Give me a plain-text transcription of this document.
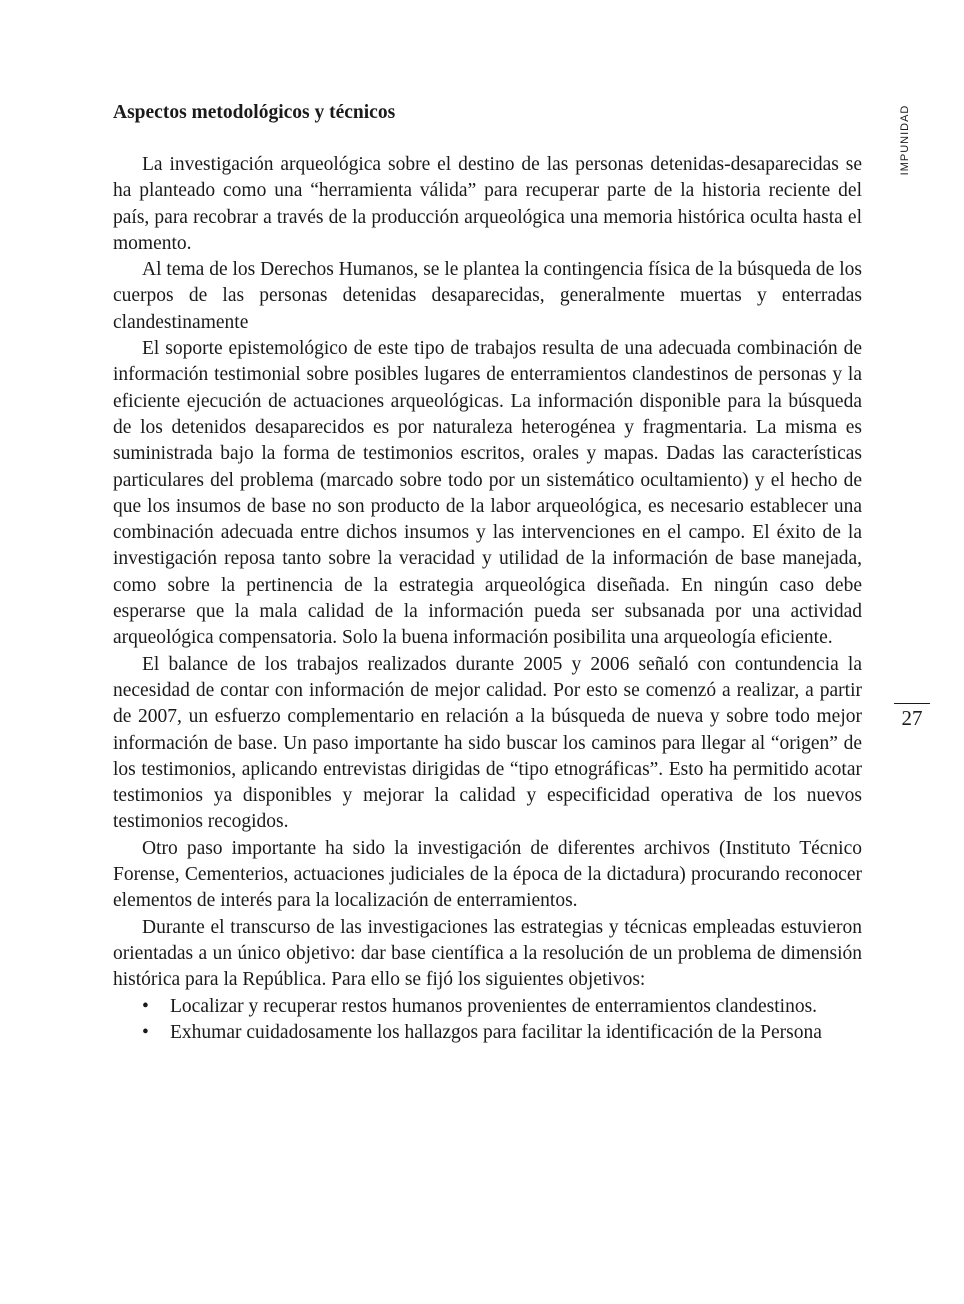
IMPUNIDAD
27
Aspectos metodológicos y técnicos

La investigación arqueológica sobre el destino de las personas detenidas-desaparecidas se ha planteado como una “herramienta válida” para recuperar parte de la historia reciente del país, para recobrar a través de la producción arqueológica una memoria histórica oculta hasta el momento.

Al tema de los Derechos Humanos, se le plantea la contingencia física de la búsqueda de los cuerpos de las personas detenidas desaparecidas, generalmente muertas y enterradas clandestinamente

El soporte epistemológico de este tipo de trabajos resulta de una adecuada combinación de información testimonial sobre posibles lugares de enterramientos clandestinos de personas y la eficiente ejecución de actuaciones arqueológicas. La información disponible para la búsqueda de los detenidos desaparecidos es por naturaleza heterogénea y fragmentaria. La misma es suministrada bajo la forma de testimonios escritos, orales y mapas. Dadas las características particulares del problema (marcado sobre todo por un sistemático ocultamiento) y el hecho de que los insumos de base no son producto de la labor arqueológica, es necesario establecer una combinación adecuada entre dichos insumos y las intervenciones en el campo. El éxito de la investigación reposa tanto sobre la veracidad y utilidad de la información de base manejada, como sobre la pertinencia de la estrategia arqueológica diseñada. En ningún caso debe esperarse que la mala calidad de la información pueda ser subsanada por una actividad arqueológica compensatoria. Solo la buena información posibilita una arqueología eficiente.

El balance de los trabajos realizados durante 2005 y 2006 señaló con contundencia la necesidad de contar con información de mejor calidad. Por esto se comenzó a realizar, a partir de 2007, un esfuerzo complementario en relación a la búsqueda de nueva y sobre todo mejor información de base. Un paso importante ha sido buscar los caminos para llegar al “origen” de los testimonios, aplicando entrevistas dirigidas de “tipo etnográficas”. Esto ha permitido acotar testimonios ya disponibles y mejorar la calidad y especificidad operativa de los nuevos testimonios recogidos.

Otro paso importante ha sido la investigación de diferentes archivos (Instituto Técnico Forense, Cementerios, actuaciones judiciales de la época de la dictadura) procurando reconocer elementos de interés para la localización de enterramientos.

Durante el transcurso de las investigaciones las estrategias y técnicas empleadas estuvieron orientadas a un único objetivo: dar base científica a la resolución de un problema de dimensión histórica para la República. Para ello se fijó los siguientes objetivos:

• Localizar y recuperar restos humanos provenientes de enterramientos clandestinos.
• Exhumar cuidadosamente los hallazgos para facilitar la identificación de la Persona
